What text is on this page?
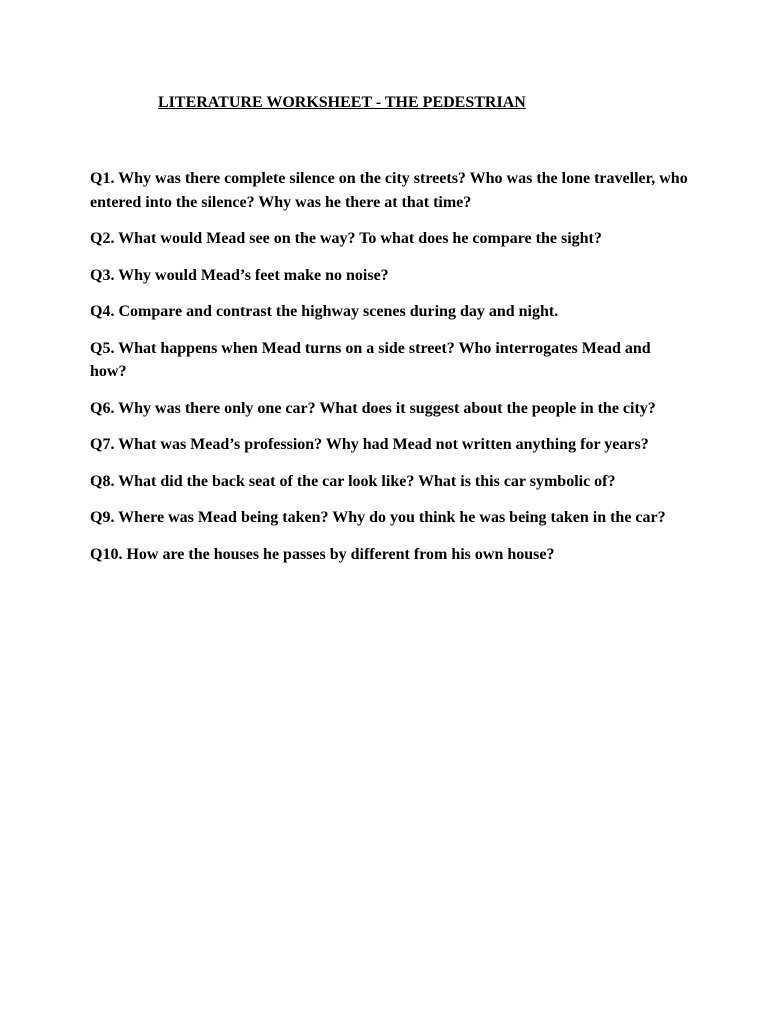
LITERATURE WORKSHEET - THE PEDESTRIAN
Q1. Why was there complete silence on the city streets? Who was the lone traveller, who entered into the silence? Why was he there at that time?
Q2. What would Mead see on the way? To what does he compare the sight?
Q3. Why would Mead’s feet make no noise?
Q4. Compare and contrast the highway scenes during day and night.
Q5. What happens when Mead turns on a side street? Who interrogates Mead and how?
Q6. Why was there only one car? What does it suggest about the people in the city?
Q7. What was Mead’s profession? Why had Mead not written anything for years?
Q8. What did the back seat of the car look like? What is this car symbolic of?
Q9. Where was Mead being taken? Why do you think he was being taken in the car?
Q10. How are the houses he passes by different from his own house?
